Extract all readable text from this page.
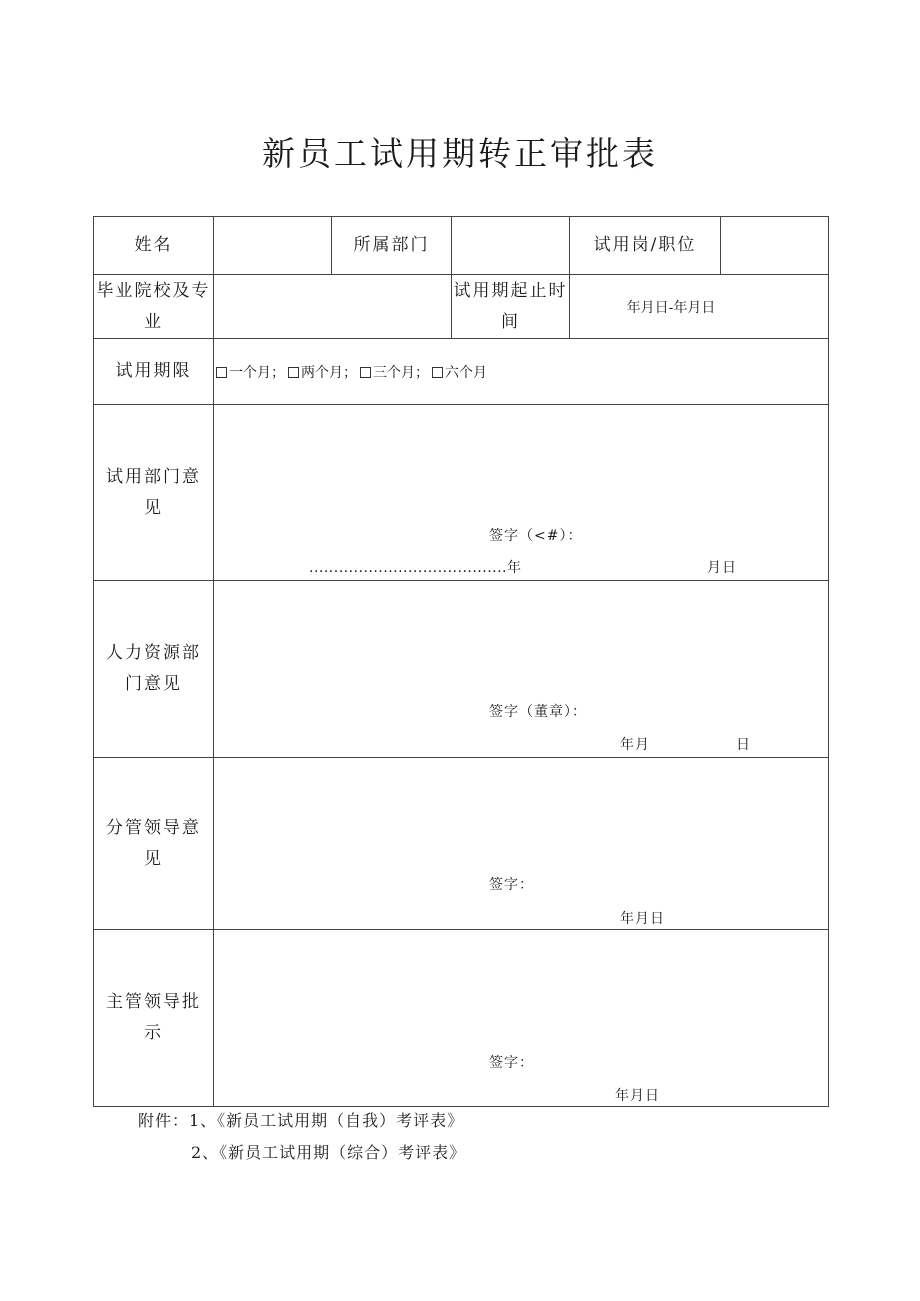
新员工试用期转正审批表
姓名		所属部门		试用岗/职位	
毕业院校及专业			试用期起止时间	年月日-年月日	
试用期限	一个月； 两个月； 三个月； 六个月				

试用部门意见	签字（<#）：
........................................年 月日				

人力资源部门意见	签字（董章）：
年月 日				

分管领导意见	签字：
年月日				

主管领导批示	签字：
年月日				
附件：1、《新员工试用期（自我）考评表》
2、《新员工试用期（综合）考评表》
